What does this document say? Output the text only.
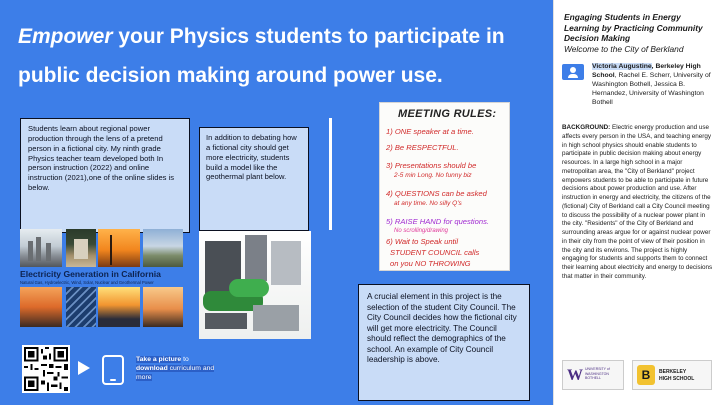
Empower your Physics students to participate in
public decision making around power use.
Students learn about regional power production through the lens of a pretend person in a fictional city. My ninth grade Physics teacher team developed both In person instruction (2022) and online instruction (2021),one of the online slides is below.
In addition to debating how a fictional city should get more electricity, students build a model like the geothermal plant below.
Electricity Generation in California
Natural Gas, Hydroelectric, Wind, Solar, Nuclear and Geothermal Power
MEETING RULES:
1) ONE speaker at a time.
2) Be RESPECTFUL.
3) Presentations should be
2-5 min Long. No funny biz
4) QUESTIONS can be asked
at any time. No silly Q's
5) RAISE HAND for questions.
No scrolling/drawing
6) Wait to Speak until
STUDENT COUNCIL calls
on you NO THROWING
A crucial element in this project is the selection of the student City Council. The City Council decides how the fictional city will get more electricity. The Council should reflect the demographics of the school. An example of City Council leadership is above.
Take a picture to download curriculum and more
Engaging Students in Energy Learning by Practicing Community Decision Making
Welcome to the City of Berkland
Victoria Augustine, Berkeley High School, Rachel E. Scherr, University of Washington Bothell, Jessica B. Hernandez, University of Washington Bothell
BACKGROUND: Electric energy production and use affects every person in the USA, and teaching energy in high school physics should enable students to participate in public decision making about energy resources. In a large high school in a major metropolitan area, the "City of Berkland" project empowers students to be able to participate in future decisions about power production and use. After instruction in energy and electricity, the citizens of the (fictional) City of Berkland call a City Council meeting to discuss the possibility of a nuclear power plant in the city. "Residents" of the City of Berkland and surrounding areas argue for or against nuclear power in their city from the point of view of their position in the city and its environs. The project is highly engaging for students and supports them to connect their learning about electricity and energy to decisions that matter in their community.
W UNIVERSITY of
WASHINGTON
BOTHELL	B	BERKELEY
HIGH SCHOOL
